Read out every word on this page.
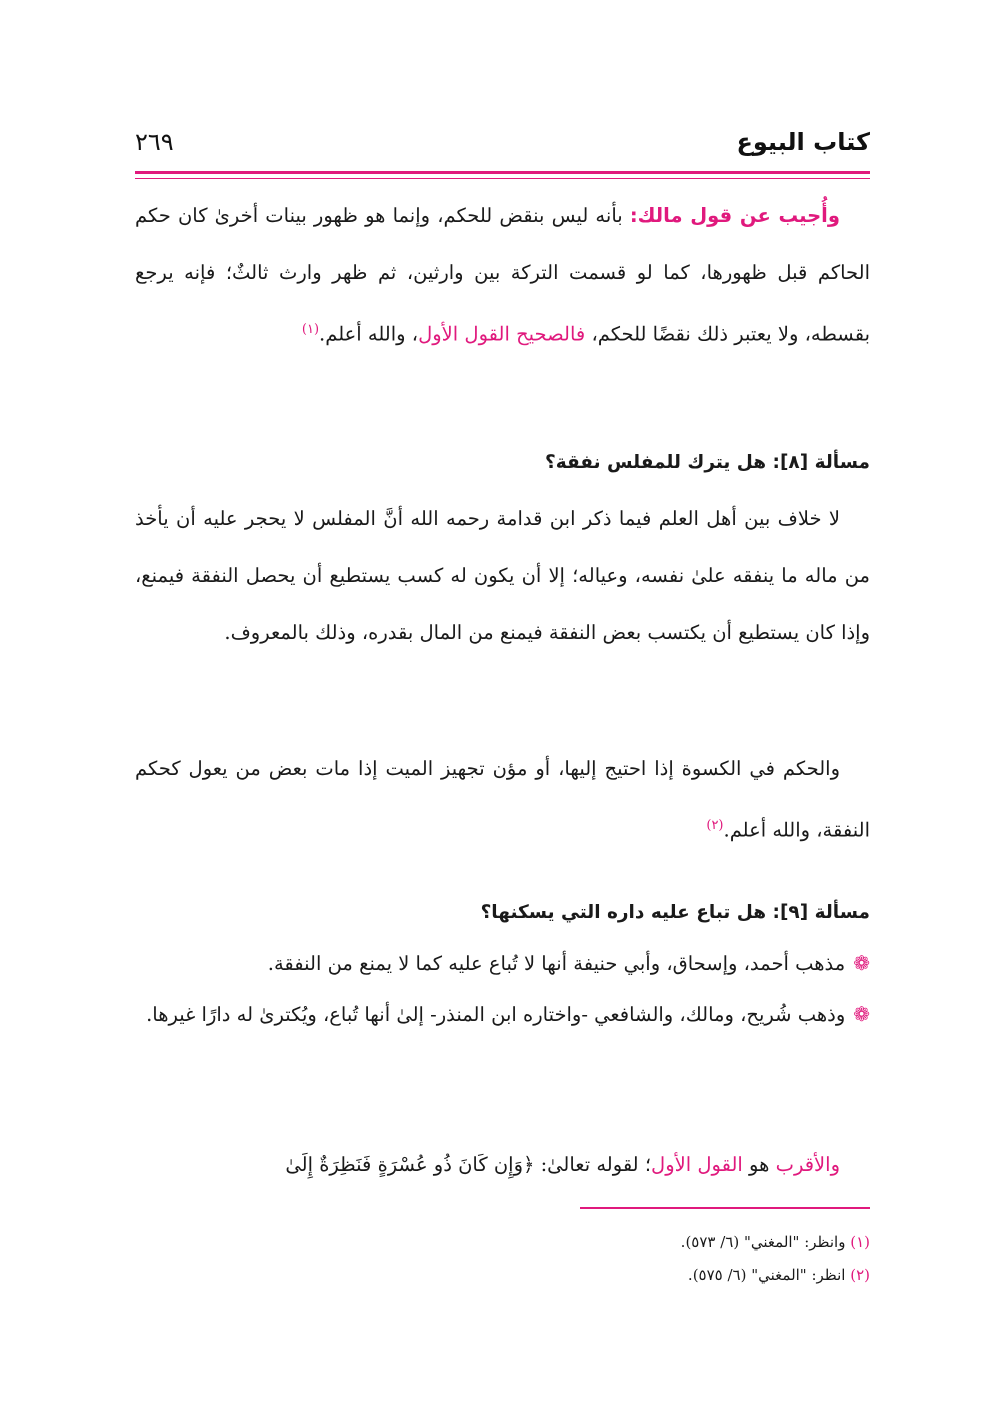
كتاب البيوع
٢٦٩

وأُجيب عن قول مالك: بأنه ليس بنقض للحكم، وإنما هو ظهور بينات أخرىٰ كان حكم الحاكم قبل ظهورها، كما لو قسمت التركة بين وارثين، ثم ظهر وارث ثالثٌ؛ فإنه يرجع بقسطه، ولا يعتبر ذلك نقضًا للحكم، فالصحيح القول الأول، والله أعلم.$^{(١)}$

مسألة [٨]: هل يترك للمفلس نفقة؟

لا خلاف بين أهل العلم فيما ذكر ابن قدامة رحمه الله أنَّ المفلس لا يحجر عليه أن يأخذ من ماله ما ينفقه علىٰ نفسه، وعياله؛ إلا أن يكون له كسب يستطيع أن يحصل النفقة فيمنع، وإذا كان يستطيع أن يكتسب بعض النفقة فيمنع من المال بقدره، وذلك بالمعروف.

والحكم في الكسوة إذا احتيج إليها، أو مؤن تجهيز الميت إذا مات بعض من يعول كحكم النفقة، والله أعلم.$^{(٢)}$

مسألة [٩]: هل تباع عليه داره التي يسكنها؟

❁مذهب أحمد، وإسحاق، وأبي حنيفة أنها لا تُباع عليه كما لا يمنع من النفقة.

❁وذهب شُريح، ومالك، والشافعي -واختاره ابن المنذر- إلىٰ أنها تُباع، ويُكترىٰ له دارًا غيرها.

والأقرب هو القول الأول؛ لقوله تعالىٰ: ﴿وَإِن كَانَ ذُو عُسْرَةٍ فَنَظِرَةٌ إِلَىٰ

(١) وانظر: "المغني" (٦/ ٥٧٣).
(٢) انظر: "المغني" (٦/ ٥٧٥).
